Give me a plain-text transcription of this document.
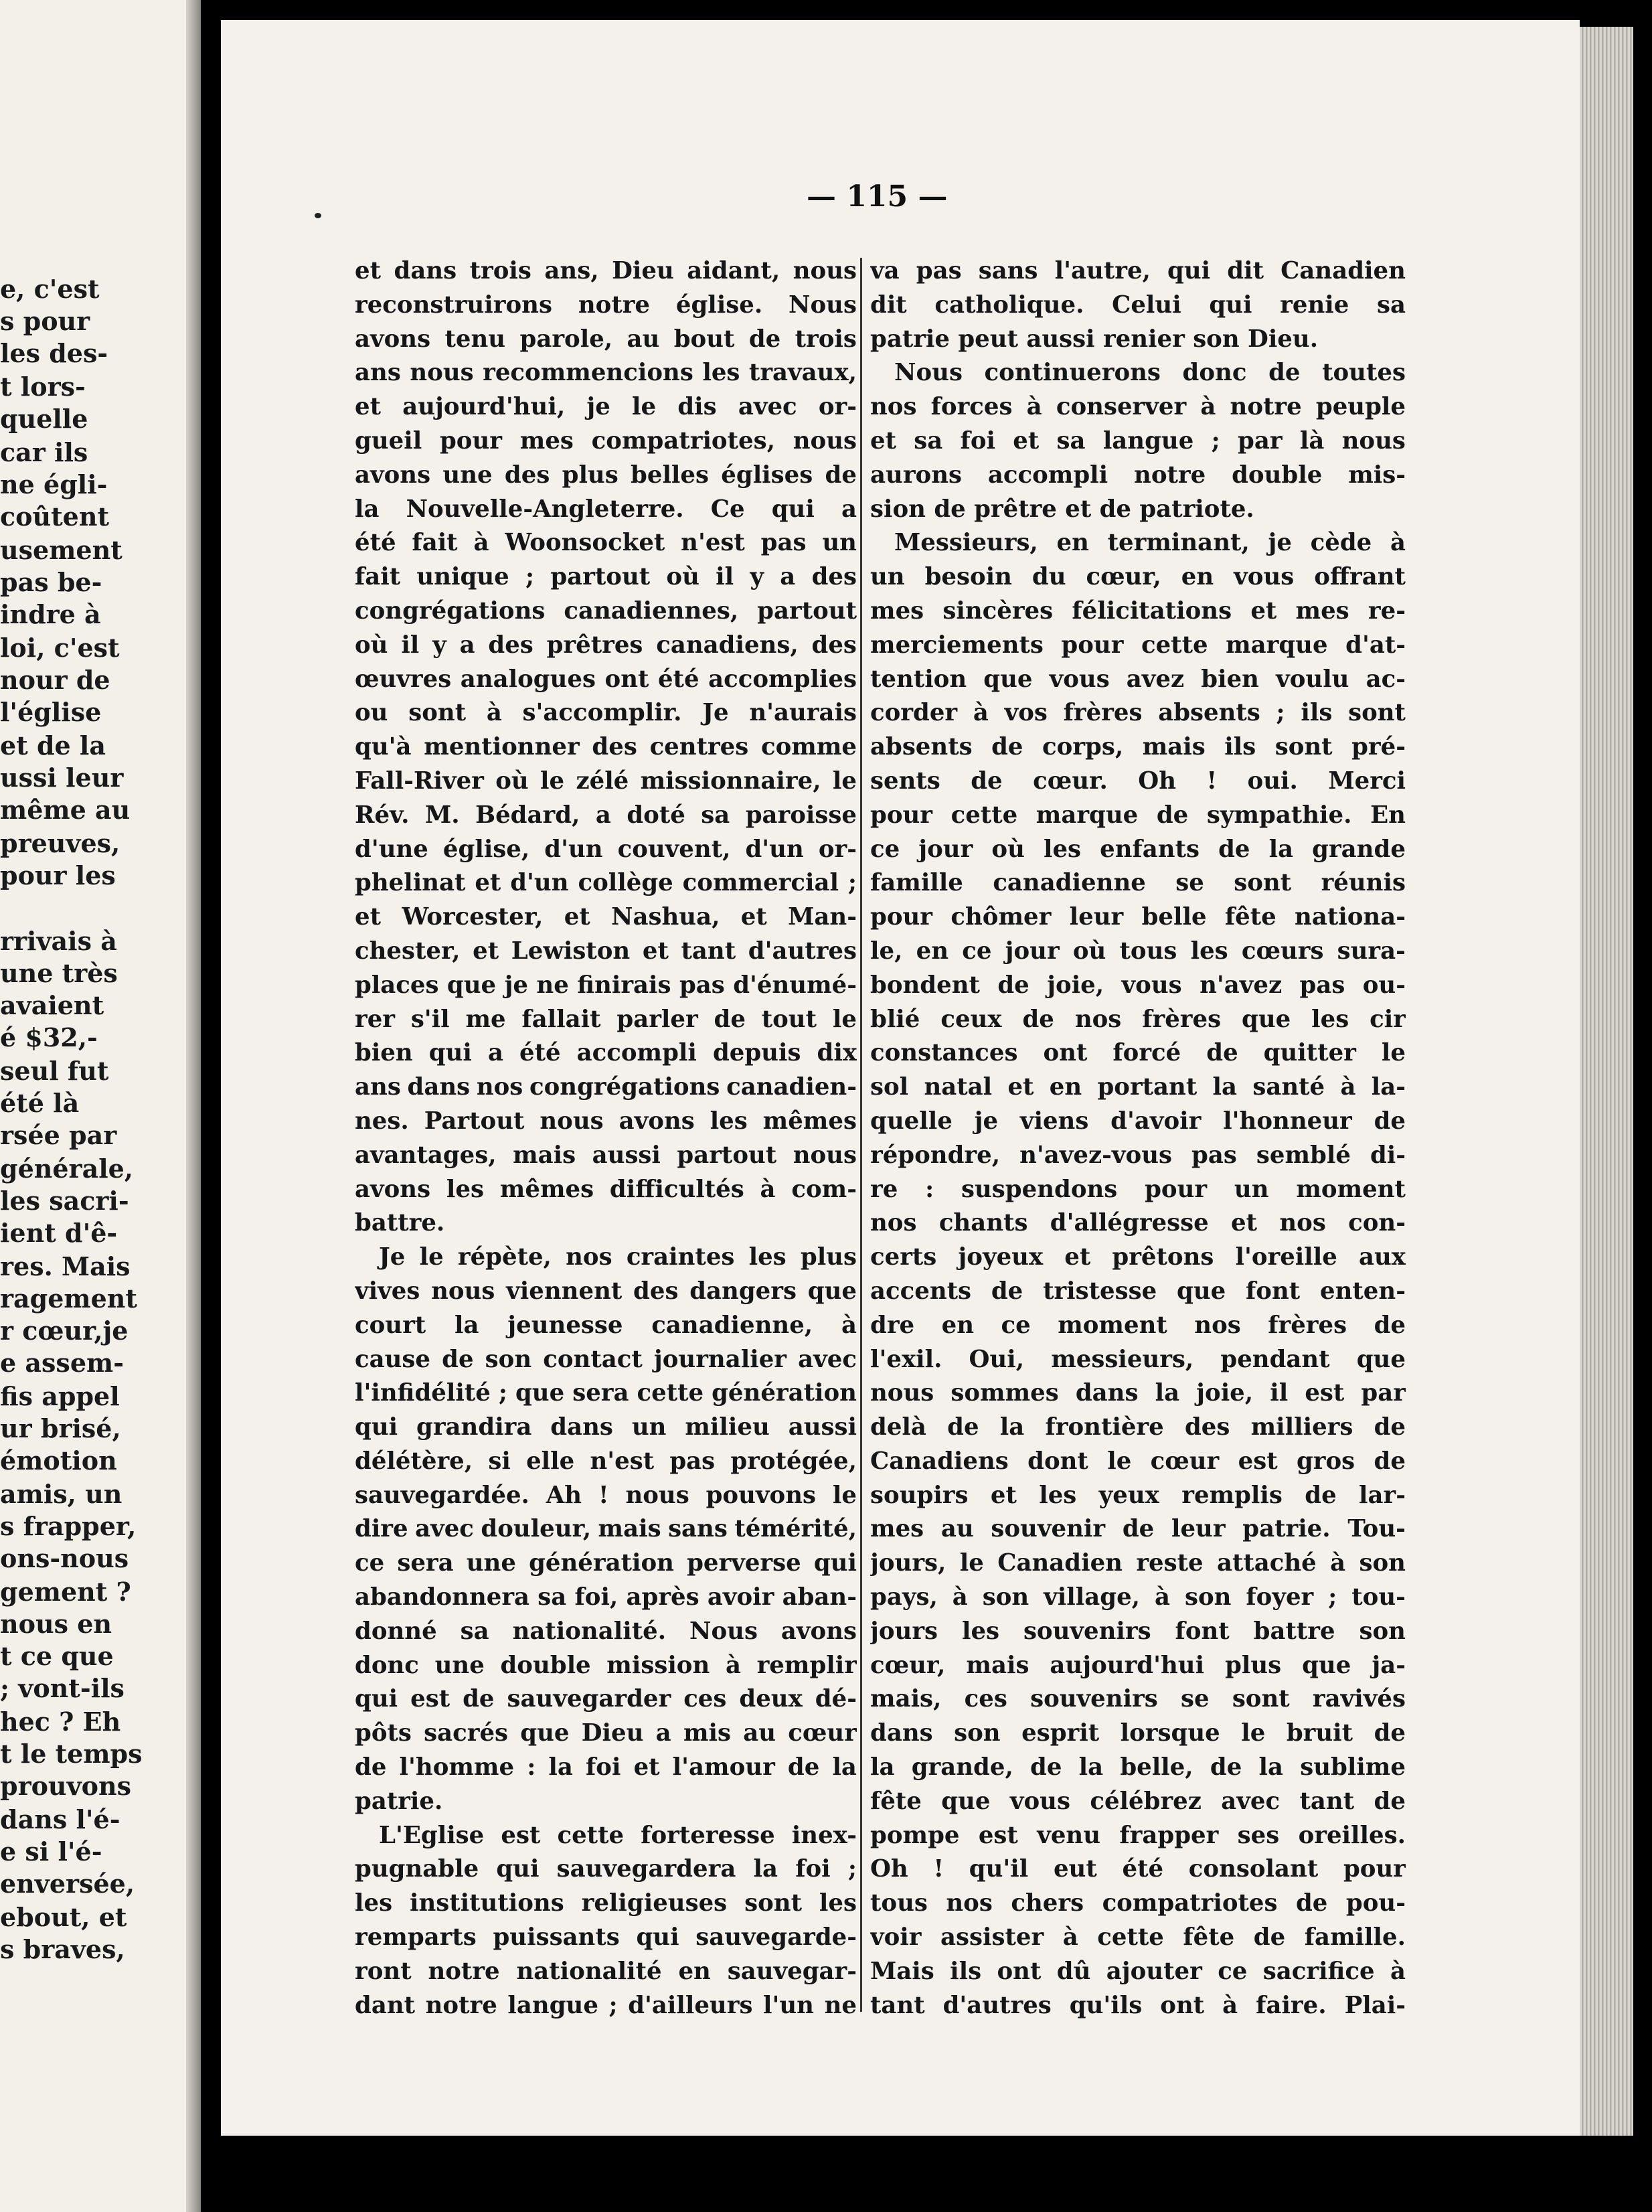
e, c'est
s pour
les des-
t lors-
quelle
car ils
ne égli-
coûtent
usement
pas be-
indre à
loi, c'est
nour de
l'église
et de la
ussi leur
même au
preuves,
pour les
rrivais à
une très
avaient
é $32,-
seul fut
été là
rsée par
générale,
les sacri-
ient d'ê-
res. Mais
ragement
r cœur,je
e assem-
fis appel
ur brisé,
émotion
amis, un
s frapper,
ons-nous
gement ?
nous en
t ce que
; vont-ils
hec ? Eh
t le temps
prouvons
dans l'é-
e si l'é-
enversée,
ebout, et
s braves,
— 115 —
et dans trois ans, Dieu aidant, nous
reconstruirons notre église. Nous
avons tenu parole, au bout de trois
ans nous recommencions les travaux,
et aujourd'hui, je le dis avec or-
gueil pour mes compatriotes, nous
avons une des plus belles églises de
la Nouvelle-Angleterre. Ce qui a
été fait à Woonsocket n'est pas un
fait unique ; partout où il y a des
congrégations canadiennes, partout
où il y a des prêtres canadiens, des
œuvres analogues ont été accomplies
ou sont à s'accomplir. Je n'aurais
qu'à mentionner des centres comme
Fall-River où le zélé missionnaire, le
Rév. M. Bédard, a doté sa paroisse
d'une église, d'un couvent, d'un or-
phelinat et d'un collège commercial ;
et Worcester, et Nashua, et Man-
chester, et Lewiston et tant d'autres
places que je ne finirais pas d'énumé-
rer s'il me fallait parler de tout le
bien qui a été accompli depuis dix
ans dans nos congrégations canadien-
nes. Partout nous avons les mêmes
avantages, mais aussi partout nous
avons les mêmes difficultés à com-
battre.
Je le répète, nos craintes les plus
vives nous viennent des dangers que
court la jeunesse canadienne, à
cause de son contact journalier avec
l'infidélité ; que sera cette génération
qui grandira dans un milieu aussi
délétère, si elle n'est pas protégée,
sauvegardée. Ah ! nous pouvons le
dire avec douleur, mais sans témérité,
ce sera une génération perverse qui
abandonnera sa foi, après avoir aban-
donné sa nationalité. Nous avons
donc une double mission à remplir
qui est de sauvegarder ces deux dé-
pôts sacrés que Dieu a mis au cœur
de l'homme : la foi et l'amour de la
patrie.
L'Eglise est cette forteresse inex-
pugnable qui sauvegardera la foi ;
les institutions religieuses sont les
remparts puissants qui sauvegarde-
ront notre nationalité en sauvegar-
dant notre langue ; d'ailleurs l'un ne
va pas sans l'autre, qui dit Canadien
dit catholique. Celui qui renie sa
patrie peut aussi renier son Dieu.
Nous continuerons donc de toutes
nos forces à conserver à notre peuple
et sa foi et sa langue ; par là nous
aurons accompli notre double mis-
sion de prêtre et de patriote.
Messieurs, en terminant, je cède à
un besoin du cœur, en vous offrant
mes sincères félicitations et mes re-
merciements pour cette marque d'at-
tention que vous avez bien voulu ac-
corder à vos frères absents ; ils sont
absents de corps, mais ils sont pré-
sents de cœur. Oh ! oui. Merci
pour cette marque de sympathie. En
ce jour où les enfants de la grande
famille canadienne se sont réunis
pour chômer leur belle fête nationa-
le, en ce jour où tous les cœurs sura-
bondent de joie, vous n'avez pas ou-
blié ceux de nos frères que les cir
constances ont forcé de quitter le
sol natal et en portant la santé à la-
quelle je viens d'avoir l'honneur de
répondre, n'avez-vous pas semblé di-
re : suspendons pour un moment
nos chants d'allégresse et nos con-
certs joyeux et prêtons l'oreille aux
accents de tristesse que font enten-
dre en ce moment nos frères de
l'exil. Oui, messieurs, pendant que
nous sommes dans la joie, il est par
delà de la frontière des milliers de
Canadiens dont le cœur est gros de
soupirs et les yeux remplis de lar-
mes au souvenir de leur patrie. Tou-
jours, le Canadien reste attaché à son
pays, à son village, à son foyer ; tou-
jours les souvenirs font battre son
cœur, mais aujourd'hui plus que ja-
mais, ces souvenirs se sont ravivés
dans son esprit lorsque le bruit de
la grande, de la belle, de la sublime
fête que vous célébrez avec tant de
pompe est venu frapper ses oreilles.
Oh ! qu'il eut été consolant pour
tous nos chers compatriotes de pou-
voir assister à cette fête de famille.
Mais ils ont dû ajouter ce sacrifice à
tant d'autres qu'ils ont à faire. Plai-
